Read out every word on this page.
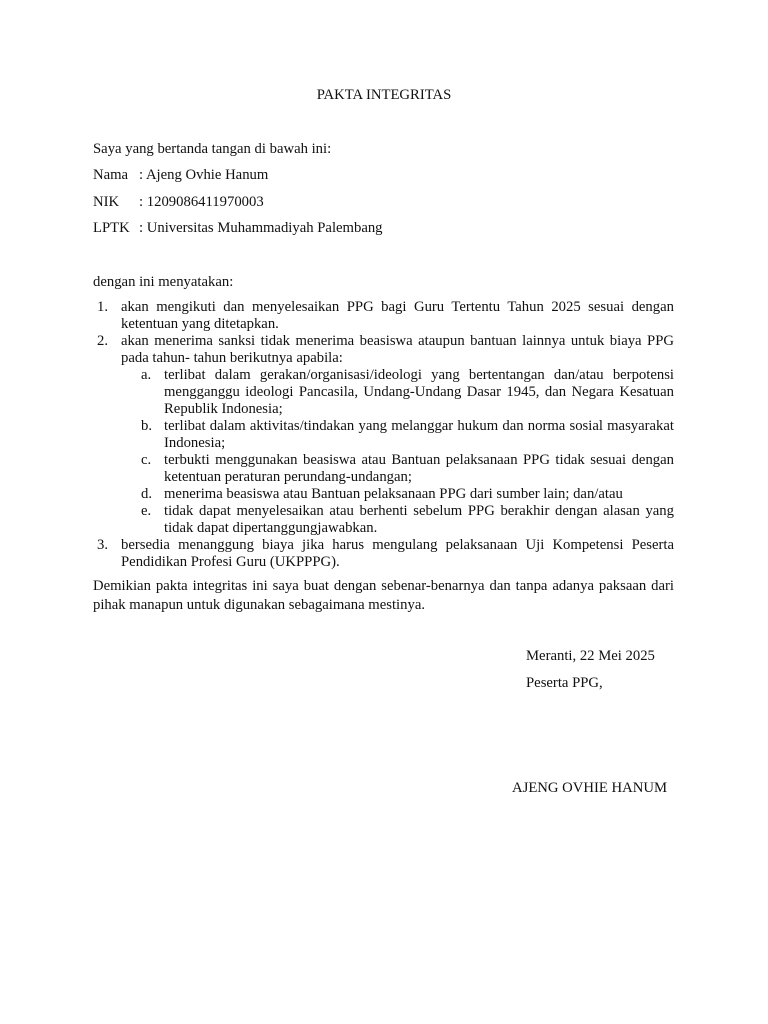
PAKTA INTEGRITAS
Saya yang bertanda tangan di bawah ini:
Nama : Ajeng Ovhie Hanum
NIK : 1209086411970003
LPTK : Universitas Muhammadiyah Palembang
dengan ini menyatakan:
1. akan mengikuti dan menyelesaikan PPG bagi Guru Tertentu Tahun 2025 sesuai dengan ketentuan yang ditetapkan.
2. akan menerima sanksi tidak menerima beasiswa ataupun bantuan lainnya untuk biaya PPG pada tahun- tahun berikutnya apabila:
a. terlibat dalam gerakan/organisasi/ideologi yang bertentangan dan/atau berpotensi mengganggu ideologi Pancasila, Undang-Undang Dasar 1945, dan Negara Kesatuan Republik Indonesia;
b. terlibat dalam aktivitas/tindakan yang melanggar hukum dan norma sosial masyarakat Indonesia;
c. terbukti menggunakan beasiswa atau Bantuan pelaksanaan PPG tidak sesuai dengan ketentuan peraturan perundang-undangan;
d. menerima beasiswa atau Bantuan pelaksanaan PPG dari sumber lain; dan/atau
e. tidak dapat menyelesaikan atau berhenti sebelum PPG berakhir dengan alasan yang tidak dapat dipertanggungjawabkan.
3. bersedia menanggung biaya jika harus mengulang pelaksanaan Uji Kompetensi Peserta Pendidikan Profesi Guru (UKPPPG).
Demikian pakta integritas ini saya buat dengan sebenar-benarnya dan tanpa adanya paksaan dari pihak manapun untuk digunakan sebagaimana mestinya.
Meranti, 22 Mei 2025
Peserta PPG,
AJENG OVHIE HANUM
